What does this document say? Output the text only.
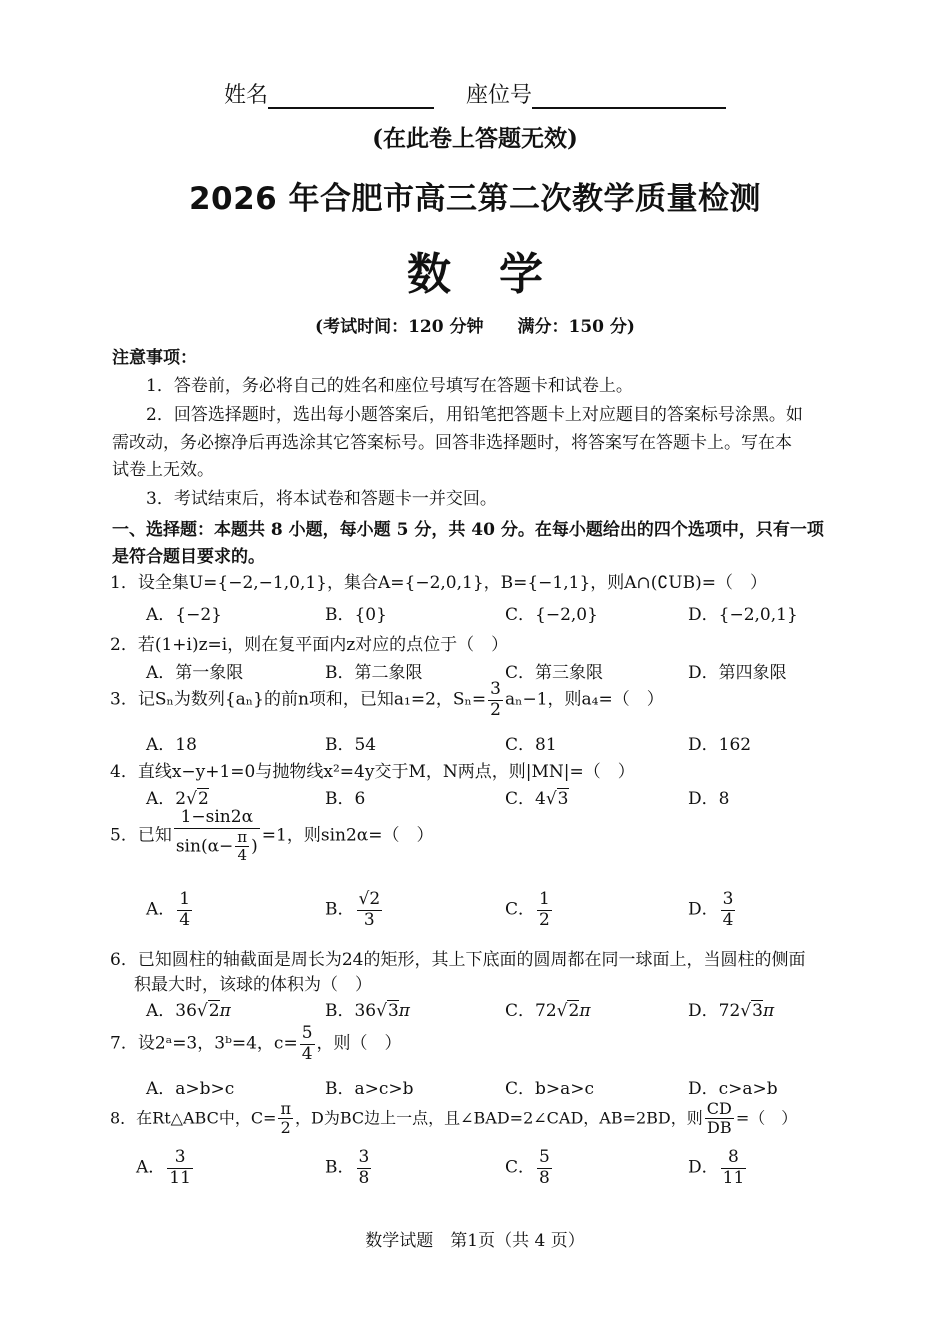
姓名	座位号
(在此卷上答题无效)
2026 年合肥市高三第二次教学质量检测
数学
(考试时间：120 分钟　　满分：150 分)
注意事项：
1．答卷前，务必将自己的姓名和座位号填写在答题卡和试卷上。
2．回答选择题时，选出每小题答案后，用铅笔把答题卡上对应题目的答案标号涂黑。如
需改动，务必擦净后再选涂其它答案标号。回答非选择题时，将答案写在答题卡上。写在本
试卷上无效。
3．考试结束后，将本试卷和答题卡一并交回。
一、选择题：本题共 8 小题，每小题 5 分，共 40 分。在每小题给出的四个选项中，只有一项
是符合题目要求的。
1．设全集U={−2,−1,0,1}，集合A={−2,0,1}，B={−1,1}，则A∩(∁UB)=（　）
A．{−2}	B．{0}	C．{−2,0}	D．{−2,0,1}
2．若(1+i)z=i，则在复平面内z对应的点位于（　）
A．第一象限	B．第二象限	C．第三象限	D．第四象限
3．记Sₙ为数列{aₙ}的前n项和，已知a₁=2，$S_n= \frac{3}{2} a_n-1$，则a₄=（　）
A．18	B．54	C．81	D．162
4．直线x−y+1=0与抛物线x²=4y交于M，N两点，则|MN|=（　）
A．2√2	B．6	C．4√3	D．8
5．已知 $\frac{1-\sin 2\alpha}{\sin(\alpha- \frac{\pi}{4} )} =1$，则sin2α=（　）
A． $\frac{1}{4}$	B． $\frac{√2}{3}$	C． $\frac{1}{2}$	D． $\frac{3}{4}$
6．已知圆柱的轴截面是周长为24的矩形，其上下底面的圆周都在同一球面上，当圆柱的侧面
积最大时，该球的体积为（　）
A．36√2π	B．36√3π	C．72√2π	D．72√3π
7．设2ᵃ=3，3ᵇ=4，$c= \frac{5}{4}$ ，则（　）
A．a>b>c	B．a>c>b	C．b>a>c	D．c>a>b
8．在Rt△ABC中，$C= \frac{\pi}{2}$ ，D为BC边上一点，且∠BAD=2∠CAD，AB=2BD，则 $\frac{CD}{DB}$ =（　）
A． $\frac{3}{11}$	B． $\frac{3}{8}$	C． $\frac{5}{8}$	D． $\frac{8}{11}$
数学试题　第1页（共 4 页）
